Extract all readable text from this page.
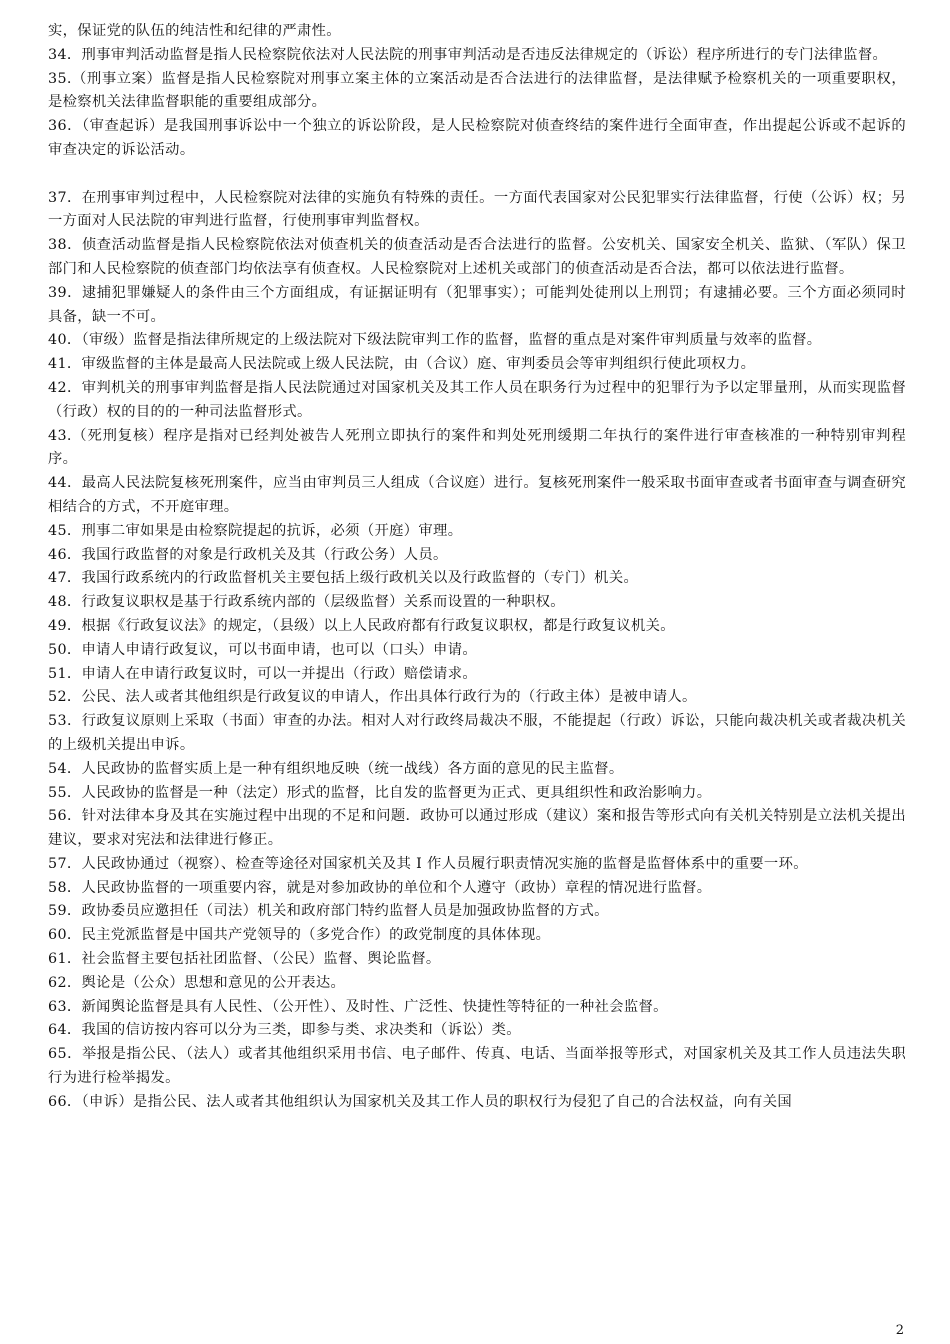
实，保证党的队伍的纯洁性和纪律的严肃性。

34．刑事审判活动监督是指人民检察院依法对人民法院的刑事审判活动是否违反法律规定的（诉讼）程序所进行的专门法律监督。

35.（刑事立案）监督是指人民检察院对刑事立案主体的立案活动是否合法进行的法律监督，是法律赋予检察机关的一项重要职权，是检察机关法律监督职能的重要组成部分。

36．（审查起诉）是我国刑事诉讼中一个独立的诉讼阶段，是人民检察院对侦查终结的案件进行全面审查，作出提起公诉或不起诉的审查决定的诉讼活动。

37．在刑事审判过程中，人民检察院对法律的实施负有特殊的责任。一方面代表国家对公民犯罪实行法律监督，行使（公诉）权；另一方面对人民法院的审判进行监督，行使刑事审判监督权。

38．侦查活动监督是指人民检察院依法对侦查机关的侦查活动是否合法进行的监督。公安机关、国家安全机关、监狱、（军队）保卫部门和人民检察院的侦查部门均依法享有侦查权。人民检察院对上述机关或部门的侦查活动是否合法，都可以依法进行监督。

39．逮捕犯罪嫌疑人的条件由三个方面组成，有证据证明有（犯罪事实）；可能判处徒刑以上刑罚；有逮捕必要。三个方面必须同时具备，缺一不可。

40．（审级）监督是指法律所规定的上级法院对下级法院审判工作的监督，监督的重点是对案件审判质量与效率的监督。

41．审级监督的主体是最高人民法院或上级人民法院，由（合议）庭、审判委员会等审判组织行使此项权力。

42．审判机关的刑事审判监督是指人民法院通过对国家机关及其工作人员在职务行为过程中的犯罪行为予以定罪量刑，从而实现监督（行政）权的目的的一种司法监督形式。

43.（死刑复核）程序是指对已经判处被告人死刑立即执行的案件和判处死刑缓期二年执行的案件进行审查核准的一种特别审判程序。

44．最高人民法院复核死刑案件，应当由审判员三人组成（合议庭）进行。复核死刑案件一般采取书面审查或者书面审查与调查研究相结合的方式，不开庭审理。

45．刑事二审如果是由检察院提起的抗诉，必须（开庭）审理。

46．我国行政监督的对象是行政机关及其（行政公务）人员。

47．我国行政系统内的行政监督机关主要包括上级行政机关以及行政监督的（专门）机关。

48．行政复议职权是基于行政系统内部的（层级监督）关系而设置的一种职权。

49．根据《行政复议法》的规定，（县级）以上人民政府都有行政复议职权，都是行政复议机关。

50．申请人申请行政复议，可以书面申请，也可以（口头）申请。

51．申请人在申请行政复议时，可以一并提出（行政）赔偿请求。

52．公民、法人或者其他组织是行政复议的申请人，作出具体行政行为的（行政主体）是被申请人。

53．行政复议原则上采取（书面）审查的办法。相对人对行政终局裁决不服，不能提起（行政）诉讼，只能向裁决机关或者裁决机关的上级机关提出申诉。

54．人民政协的监督实质上是一种有组织地反映（统一战线）各方面的意见的民主监督。

55．人民政协的监督是一种（法定）形式的监督，比自发的监督更为正式、更具组织性和政治影响力。

56．针对法律本身及其在实施过程中出现的不足和问题．政协可以通过形成（建议）案和报告等形式向有关机关特别是立法机关提出建议，要求对宪法和法律进行修正。

57．人民政协通过（视察）、检查等途径对国家机关及其 I 作人员履行职责情况实施的监督是监督体系中的重要一环。

58．人民政协监督的一项重要内容，就是对参加政协的单位和个人遵守（政协）章程的情况进行监督。

59．政协委员应邀担任（司法）机关和政府部门特约监督人员是加强政协监督的方式。

60．民主党派监督是中国共产党领导的（多党合作）的政党制度的具体体现。

61．社会监督主要包括社团监督、（公民）监督、舆论监督。

62．舆论是（公众）思想和意见的公开表达。

63．新闻舆论监督是具有人民性、（公开性）、及时性、广泛性、快捷性等特征的一种社会监督。

64．我国的信访按内容可以分为三类，即参与类、求决类和（诉讼）类。

65．举报是指公民、（法人）或者其他组织采用书信、电子邮件、传真、电话、当面举报等形式，对国家机关及其工作人员违法失职行为进行检举揭发。

66．（申诉）是指公民、法人或者其他组织认为国家机关及其工作人员的职权行为侵犯了自己的合法权益，向有关国

2
